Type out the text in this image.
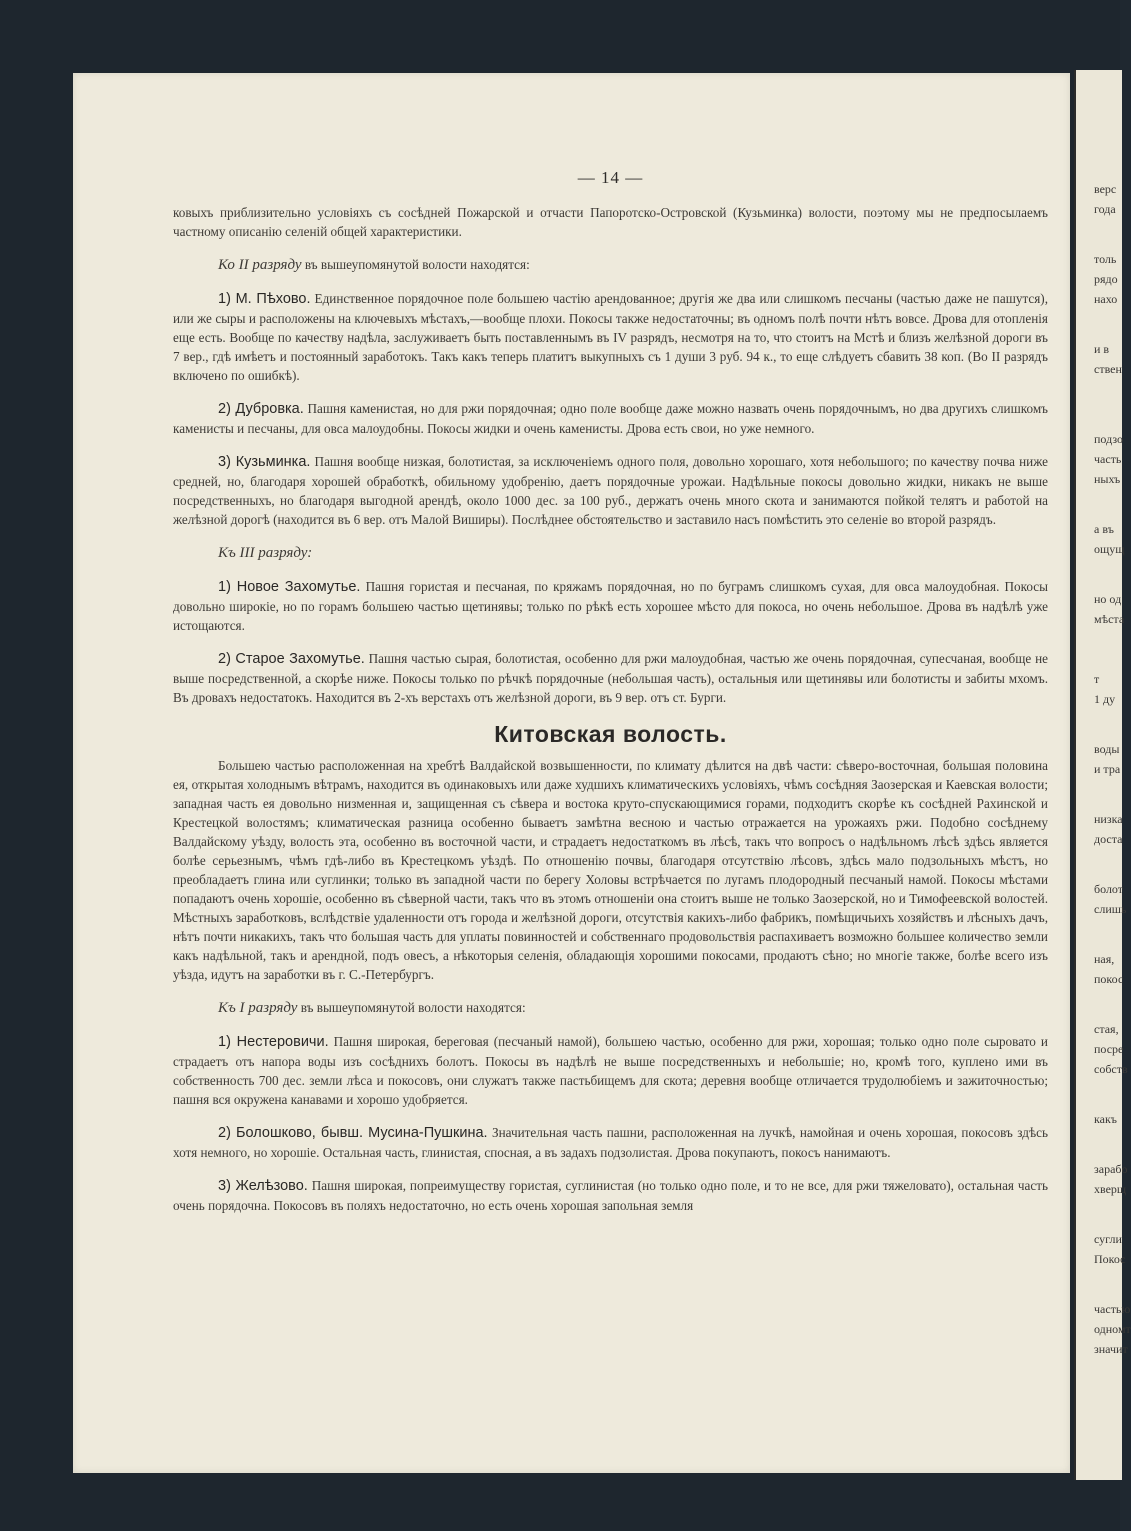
— 14 —

ковыхъ приблизительно условіяхъ съ сосѣдней Пожарской и отчасти Папоротско-Островской (Кузьминка) волости, поэтому мы не предпосылаемъ частному описанію селеній общей характеристики.

Ко II разряду въ вышеупомянутой волости находятся:

1) М. Пѣхово. Единственное порядочное поле большею частію арендованное; другія же два или слишкомъ песчаны (частью даже не пашутся), или же сыры и расположены на ключевыхъ мѣстахъ,—вообще плохи. Покосы также недостаточны; въ одномъ полѣ почти нѣтъ вовсе. Дрова для отопленія еще есть. Вообще по качеству надѣла, заслуживаетъ быть поставленнымъ въ IV разрядъ, несмотря на то, что стоитъ на Мстѣ и близъ желѣзной дороги въ 7 вер., гдѣ имѣетъ и постоянный заработокъ. Такъ какъ теперь платитъ выкупныхъ съ 1 души 3 руб. 94 к., то еще слѣдуетъ сбавить 38 коп. (Во II разрядъ включено по ошибкѣ).

2) Дубровка. Пашня каменистая, но для ржи порядочная; одно поле вообще даже можно назвать очень порядочнымъ, но два другихъ слишкомъ каменисты и песчаны, для овса малоудобны. Покосы жидки и очень каменисты. Дрова есть свои, но уже немного.

3) Кузьминка. Пашня вообще низкая, болотистая, за исключеніемъ одного поля, довольно хорошаго, хотя небольшого; по качеству почва ниже средней, но, благодаря хорошей обработкѣ, обильному удобренію, даетъ порядочные урожаи. Надѣльные покосы довольно жидки, никакъ не выше посредственныхъ, но благодаря выгодной арендѣ, около 1000 дес. за 100 руб., держатъ очень много скота и занимаются пойкой телятъ и работой на желѣзной дорогѣ (находится въ 6 вер. отъ Малой Виширы). Послѣднее обстоятельство и заставило насъ помѣстить это селеніе во второй разрядъ.

Къ III разряду:

1) Новое Захомутье. Пашня гористая и песчаная, по кряжамъ порядочная, но по буграмъ слишкомъ сухая, для овса малоудобная. Покосы довольно широкіе, но по горамъ большею частью щетинявы; только по рѣкѣ есть хорошее мѣсто для покоса, но очень небольшое. Дрова въ надѣлѣ уже истощаются.

2) Старое Захомутье. Пашня частью сырая, болотистая, особенно для ржи малоудобная, частью же очень порядочная, супесчаная, вообще не выше посредственной, а скорѣе ниже. Покосы только по рѣчкѣ порядочные (небольшая часть), остальныя или щетинявы или болотисты и забиты мхомъ. Въ дровахъ недостатокъ. Находится въ 2-хъ верстахъ отъ желѣзной дороги, въ 9 вер. отъ ст. Бурги.

Китовская волость.

Большею частью расположенная на хребтѣ Валдайской возвышенности, по климату дѣлится на двѣ части: сѣверо-восточная, большая половина ея, открытая холоднымъ вѣтрамъ, находится въ одинаковыхъ или даже худшихъ климатическихъ условіяхъ, чѣмъ сосѣдняя Заозерская и Каевская волости; западная часть ея довольно низменная и, защищенная съ сѣвера и востока круто-спускающимися горами, подходитъ скорѣе къ сосѣдней Рахинской и Крестецкой волостямъ; климатическая разница особенно бываетъ замѣтна весною и частью отражается на урожаяхъ ржи. Подобно сосѣднему Валдайскому уѣзду, волость эта, особенно въ восточной части, и страдаетъ недостаткомъ въ лѣсѣ, такъ что вопросъ о надѣльномъ лѣсѣ здѣсь является болѣе серьезнымъ, чѣмъ гдѣ-либо въ Крестецкомъ уѣздѣ. По отношенію почвы, благодаря отсутствію лѣсовъ, здѣсь мало подзольныхъ мѣстъ, но преобладаетъ глина или суглинки; только въ западной части по берегу Холовы встрѣчается по лугамъ плодородный песчаный намой. Покосы мѣстами попадаютъ очень хорошіе, особенно въ сѣверной части, такъ что въ этомъ отношеніи она стоитъ выше не только Заозерской, но и Тимофеевской волостей. Мѣстныхъ заработковъ, вслѣдствіе удаленности отъ города и желѣзной дороги, отсутствія какихъ-либо фабрикъ, помѣщичьихъ хозяйствъ и лѣсныхъ дачъ, нѣтъ почти никакихъ, такъ что большая часть для уплаты повинностей и собственнаго продовольствія распахиваетъ возможно большее количество земли какъ надѣльной, такъ и арендной, подъ овесъ, а нѣкоторыя селенія, обладающія хорошими покосами, продаютъ сѣно; но многіе также, болѣе всего изъ уѣзда, идутъ на заработки въ г. С.-Петербургъ.

Къ I разряду въ вышеупомянутой волости находятся:

1) Нестеровичи. Пашня широкая, береговая (песчаный намой), большею частью, особенно для ржи, хорошая; только одно поле сыровато и страдаетъ отъ напора воды изъ сосѣднихъ болотъ. Покосы въ надѣлѣ не выше посредственныхъ и небольшіе; но, кромѣ того, куплено ими въ собственность 700 дес. земли лѣса и покосовъ, они служатъ также пастьбищемъ для скота; деревня вообще отличается трудолюбіемъ и зажиточностью; пашня вся окружена канавами и хорошо удобряется.

2) Болошково, бывш. Мусина-Пушкина. Значительная часть пашни, расположенная на лучкѣ, намойная и очень хорошая, покосовъ здѣсь хотя немного, но хорошіе. Остальная часть, глинистая, споcная, а въ задахъ подзолистая. Дрова покупаютъ, покосъ нанимаютъ.

3) Желѣзово. Пашня широкая, попреимуществу гористая, суглинистая (но только одно поле, и то не все, для ржи тяжеловато), остальная часть очень порядочна. Покосовъ въ поляхъ недостаточно, но есть очень хорошая запольная земля

верс
года
толь
рядо
нахо
и в
ствен
подзо
часть
ныхъ
а въ
ощущ
но од
мѣста
т
1 ду
воды
и тра
низка
доста
болот
слишь
ная,
покос
стая,
посре
собств
какъ
зарабо
хверщ
сугли
Покос
частью
одномт
значит
